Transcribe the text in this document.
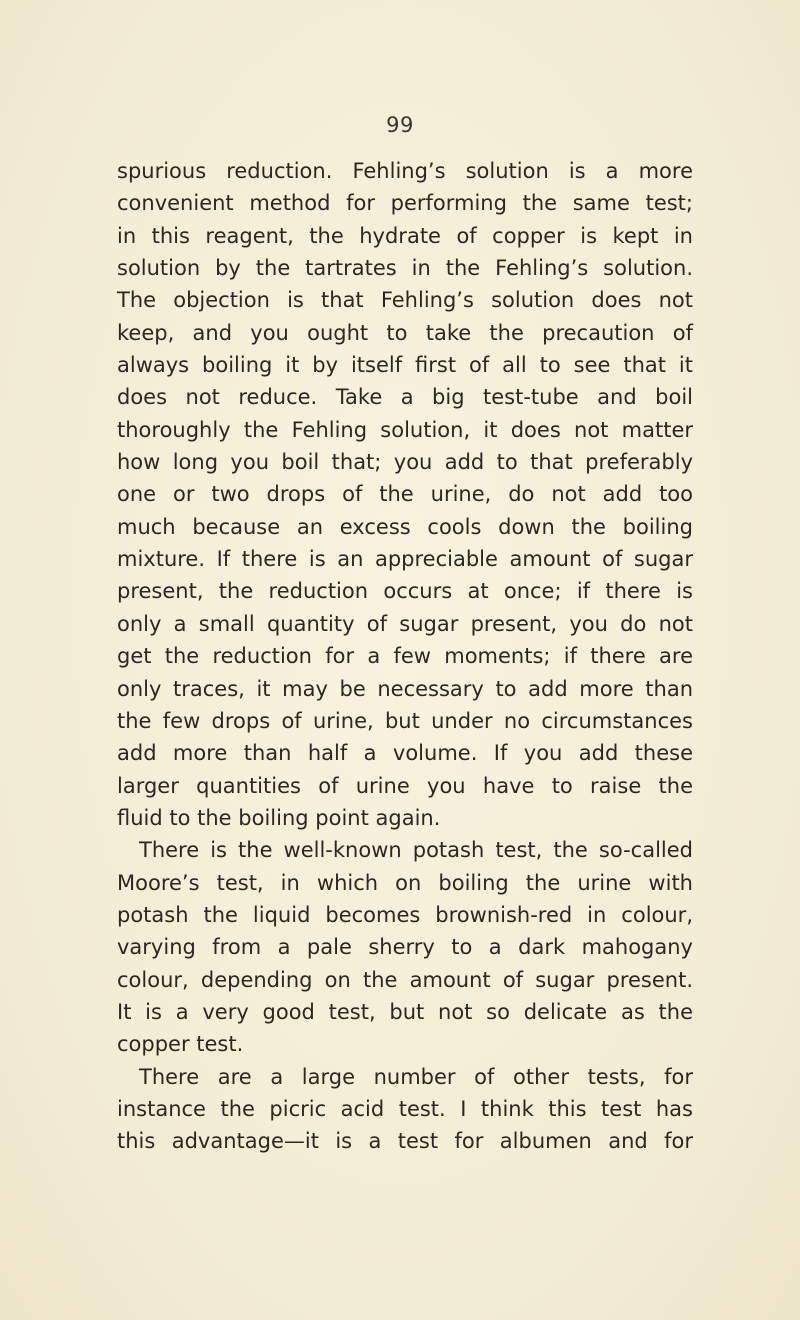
99
spurious reduction. Fehling’s solution is a more
convenient method for performing the same test;
in this reagent, the hydrate of copper is kept in
solution by the tartrates in the Fehling’s solution.
The objection is that Fehling’s solution does not
keep, and you ought to take the precaution of
always boiling it by itself first of all to see that it
does not reduce. Take a big test-tube and boil
thoroughly the Fehling solution, it does not matter
how long you boil that; you add to that preferably
one or two drops of the urine, do not add too
much because an excess cools down the boiling
mixture. If there is an appreciable amount of sugar
present, the reduction occurs at once; if there is
only a small quantity of sugar present, you do not
get the reduction for a few moments; if there are
only traces, it may be necessary to add more than
the few drops of urine, but under no circumstances
add more than half a volume. If you add these
larger quantities of urine you have to raise the
fluid to the boiling point again.
There is the well-known potash test, the so-called
Moore’s test, in which on boiling the urine with
potash the liquid becomes brownish-red in colour,
varying from a pale sherry to a dark mahogany
colour, depending on the amount of sugar present.
It is a very good test, but not so delicate as the
copper test.
There are a large number of other tests, for
instance the picric acid test. I think this test has
this advantage—it is a test for albumen and for
